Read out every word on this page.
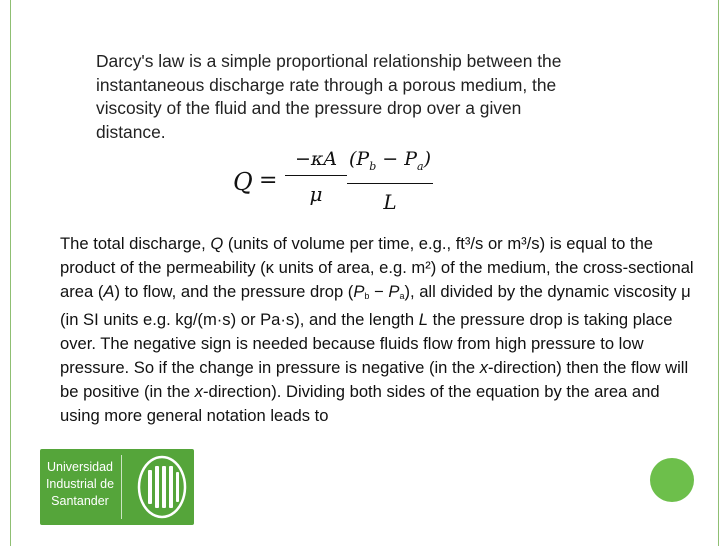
Darcy's law is a simple proportional relationship between the
instantaneous discharge rate through a porous medium, the
viscosity of the fluid and the pressure drop over a given
distance.
Q =
−κA
μ
$(P_b - P_a)$
L
The total discharge, Q (units of volume per time, e.g., ft³/s or m³/s) is equal to the product of the permeability (κ units of area, e.g. m²) of the medium, the cross-sectional area (A) to flow, and the pressure drop $(P_b - P_a)$, all divided by the dynamic viscosity μ (in SI units e.g. kg/(m·s) or Pa·s), and the length L the pressure drop is taking place over. The negative sign is needed because fluids flow from high pressure to low pressure. So if the change in pressure is negative (in the x-direction) then the flow will be positive (in the x-direction). Dividing both sides of the equation by the area and using more general notation leads to
Universidad
Industrial de
Santander
